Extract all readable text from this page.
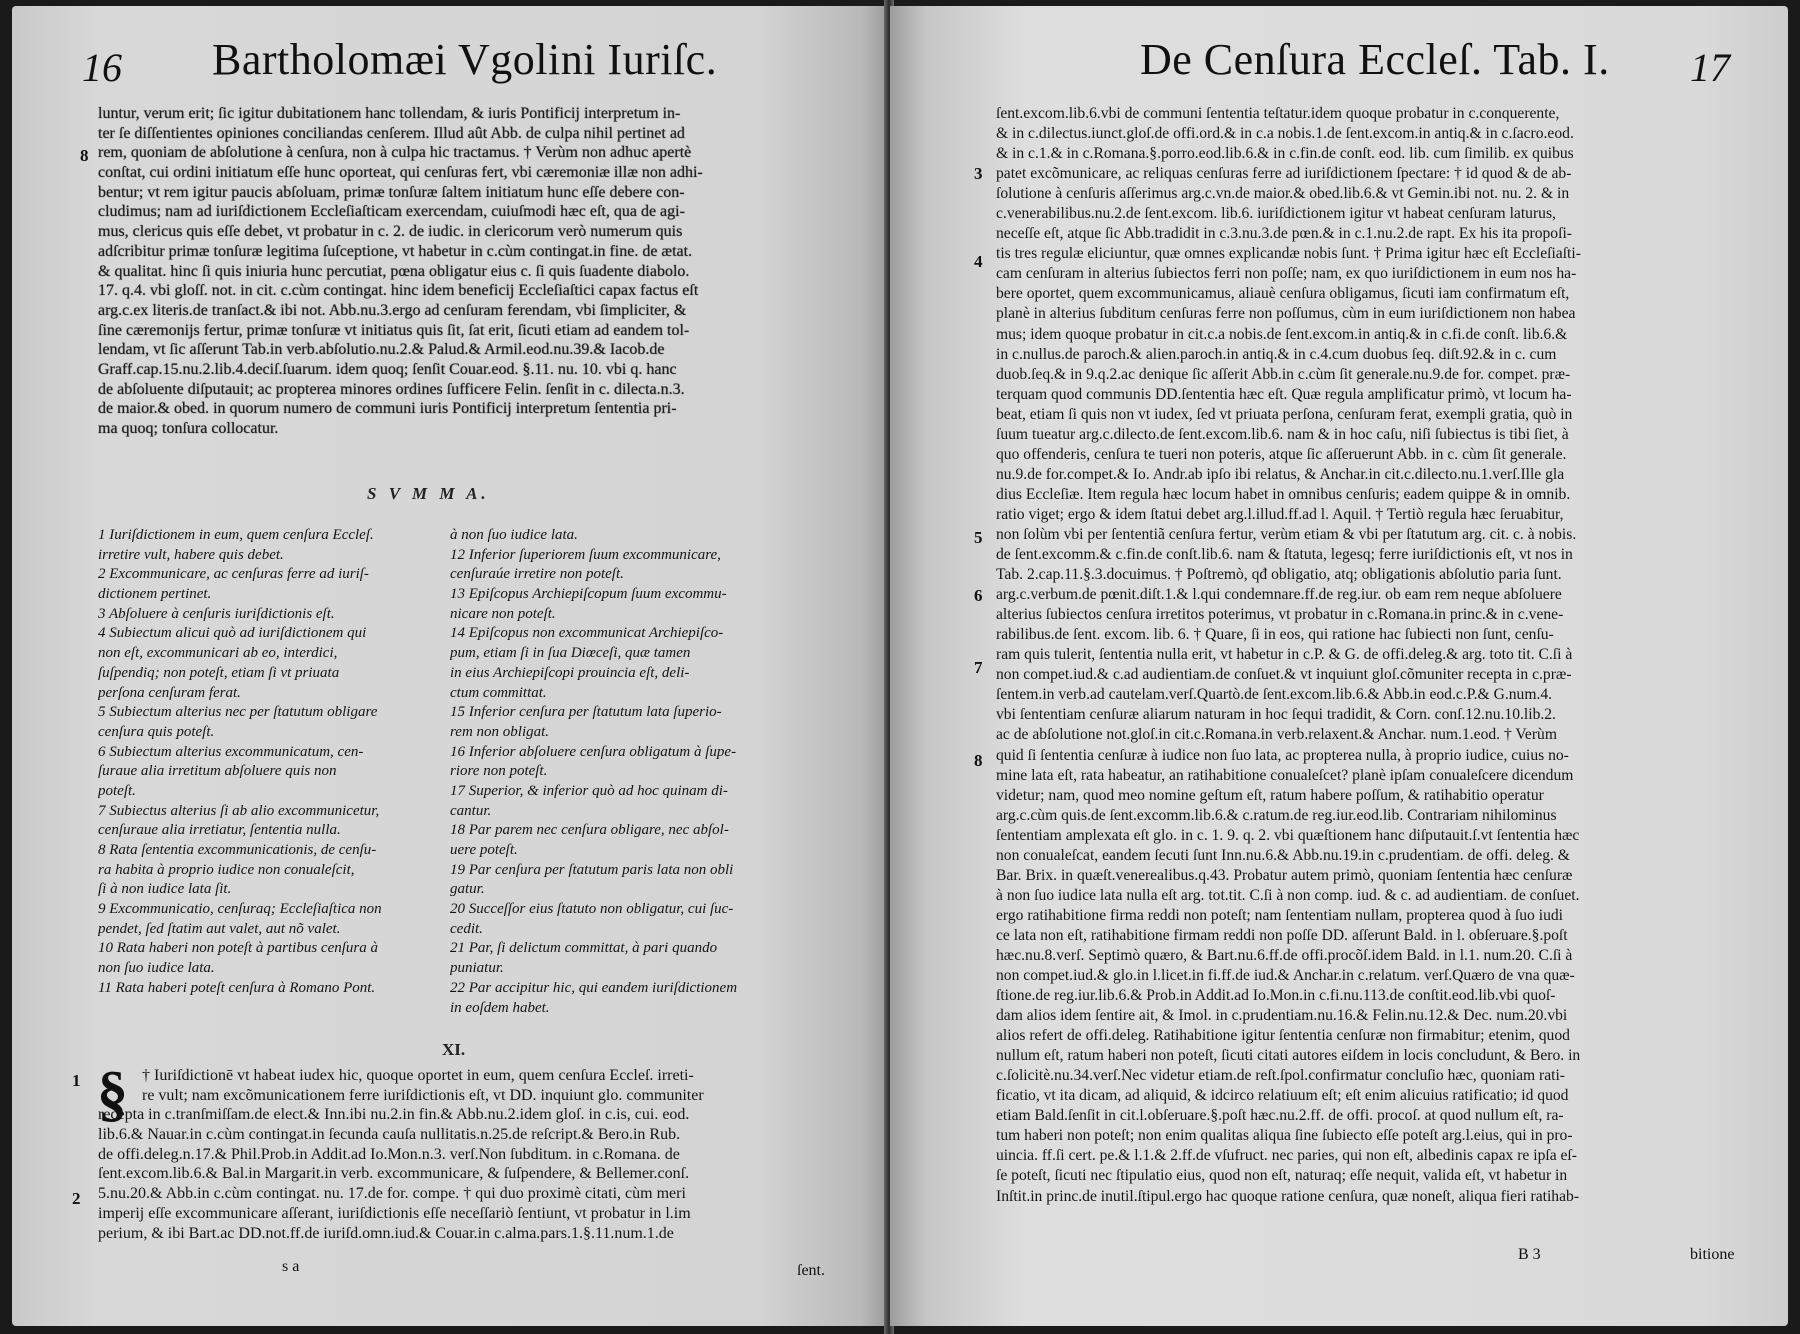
16 Bartholomæi Vgolini Iuriſc.
8
luntur, verum erit; ſic igitur dubitationem hanc tollendam, & iuris Pontificij interpretum in-
ter ſe diſſentientes opiniones conciliandas cenſerem. Illud aût Abb. de culpa nihil pertinet ad
rem, quoniam de abſolutione à cenſura, non à culpa hic tractamus. † Verùm non adhuc apertè
conſtat, cui ordini initiatum eſſe hunc oporteat, qui cenſuras fert, vbi cæremoniæ illæ non adhi-
bentur; vt rem igitur paucis abſoluam, primæ tonſuræ ſaltem initiatum hunc eſſe debere con-
cludimus; nam ad iuriſdictionem Eccleſiaſticam exercendam, cuiuſmodi hæc eſt, qua de agi-
mus, clericus quis eſſe debet, vt probatur in c. 2. de iudic. in clericorum verò numerum quis
adſcribitur primæ tonſuræ legitima ſuſceptione, vt habetur in c.cùm contingat.in fine. de ætat.
& qualitat. hinc ſi quis iniuria hunc percutiat, pœna obligatur eius c. ſi quis ſuadente diabolo.
17. q.4. vbi gloſſ. not. in cit. c.cùm contingat. hinc idem beneficij Eccleſiaſtici capax factus eſt
arg.c.ex literis.de tranſact.& ibi not. Abb.nu.3.ergo ad cenſuram ferendam, vbi ſimpliciter, &
ſine cæremonijs fertur, primæ tonſuræ vt initiatus quis ſit, ſat erit, ſicuti etiam ad eandem tol-
lendam, vt ſic aſſerunt Tab.in verb.abſolutio.nu.2.& Palud.& Armil.eod.nu.39.& Iacob.de
Graff.cap.15.nu.2.lib.4.deciſ.ſuarum. idem quoq; ſenſit Couar.eod. §.11. nu. 10. vbi q. hanc
de abſoluente diſputauit; ac propterea minores ordines ſufficere Felin. ſenſit in c. dilecta.n.3.
de maior.& obed. in quorum numero de communi iuris Pontificij interpretum ſententia pri-
ma quoq; tonſura collocatur.
S V M M A.
1 Iuriſdictionem in eum, quem cenſura Eccleſ.
irretire vult, habere quis debet.
2 Excommunicare, ac cenſuras ferre ad iuriſ-
dictionem pertinet.
3 Abſoluere à cenſuris iuriſdictionis eſt.
4 Subiectum alicui quò ad iuriſdictionem qui
non eſt, excommunicari ab eo, interdici,
ſuſpendiq; non poteſt, etiam ſi vt priuata
perſona cenſuram ferat.
5 Subiectum alterius nec per ſtatutum obligare
cenſura quis poteſt.
6 Subiectum alterius excommunicatum, cen-
ſuraue alia irretitum abſoluere quis non
poteſt.
7 Subiectus alterius ſi ab alio excommunicetur,
cenſuraue alia irretiatur, ſententia nulla.
8 Rata ſententia excommunicationis, de cenſu-
ra habita à proprio iudice non conualeſcit,
ſi à non iudice lata ſit.
9 Excommunicatio, cenſuraq; Eccleſiaſtica non
pendet, ſed ſtatim aut valet, aut nõ valet.
10 Rata haberi non poteſt à partibus cenſura à
non ſuo iudice lata.
11 Rata haberi poteſt cenſura à Romano Pont.
à non ſuo iudice lata.
12 Inferior ſuperiorem ſuum excommunicare,
cenſuraúe irretire non poteſt.
13 Epiſcopus Archiepiſcopum ſuum excommu-
nicare non poteſt.
14 Epiſcopus non excommunicat Archiepiſco-
pum, etiam ſi in ſua Diœceſi, quæ tamen
in eius Archiepiſcopi prouincia eſt, deli-
ctum committat.
15 Inferior cenſura per ſtatutum lata ſuperio-
rem non obligat.
16 Inferior abſoluere cenſura obligatum à ſupe-
riore non poteſt.
17 Superior, & inferior quò ad hoc quinam di-
cantur.
18 Par parem nec cenſura obligare, nec abſol-
uere poteſt.
19 Par cenſura per ſtatutum paris lata non obli
gatur.
20 Succeſſor eius ſtatuto non obligatur, cui ſuc-
cedit.
21 Par, ſi delictum committat, à pari quando
puniatur.
22 Par accipitur hic, qui eandem iuriſdictionem
in eoſdem habet.
XI.
§
1
2
† Iuriſdictionē vt habeat iudex hic, quoque oportet in eum, quem cenſura Eccleſ. irreti-
re vult; nam excõmunicationem ferre iuriſdictionis eſt, vt DD. inquiunt glo. communiter
recepta in c.tranſmiſſam.de elect.& Inn.ibi nu.2.in fin.& Abb.nu.2.idem gloſ. in c.is, cui. eod.
lib.6.& Nauar.in c.cùm contingat.in ſecunda cauſa nullitatis.n.25.de reſcript.& Bero.in Rub.
de offi.deleg.n.17.& Phil.Prob.in Addit.ad Io.Mon.n.3. verſ.Non ſubditum. in c.Romana. de
ſent.excom.lib.6.& Bal.in Margarit.in verb. excommunicare, & ſuſpendere, & Bellemer.conſ.
5.nu.20.& Abb.in c.cùm contingat. nu. 17.de for. compe. † qui duo proximè citati, cùm meri
imperij eſſe excommunicare aſſerant, iuriſdictionis eſſe neceſſariò ſentiunt, vt probatur in l.im
perium, & ibi Bart.ac DD.not.ff.de iuriſd.omn.iud.& Couar.in c.alma.pars.1.§.11.num.1.de
s a	ſent.
De Cenſura Eccleſ. Tab. I. 17
3
4
5
6
7
8
ſent.excom.lib.6.vbi de communi ſententia teſtatur.idem quoque probatur in c.conquerente,
& in c.dilectus.iunct.gloſ.de offi.ord.& in c.a nobis.1.de ſent.excom.in antiq.& in c.ſacro.eod.
& in c.1.& in c.Romana.§.porro.eod.lib.6.& in c.fin.de conſt. eod. lib. cum ſimilib. ex quibus
patet excõmunicare, ac reliquas cenſuras ferre ad iuriſdictionem ſpectare: † id quod & de ab-
ſolutione à cenſuris aſſerimus arg.c.vn.de maior.& obed.lib.6.& vt Gemin.ibi not. nu. 2. & in
c.venerabilibus.nu.2.de ſent.excom. lib.6. iuriſdictionem igitur vt habeat cenſuram laturus,
neceſſe eſt, atque ſic Abb.tradidit in c.3.nu.3.de pœn.& in c.1.nu.2.de rapt. Ex his ita propoſi-
tis tres regulæ eliciuntur, quæ omnes explicandæ nobis ſunt. † Prima igitur hæc eſt Eccleſiaſti-
cam cenſuram in alterius ſubiectos ferri non poſſe; nam, ex quo iuriſdictionem in eum nos ha-
bere oportet, quem excommunicamus, aliauè cenſura obligamus, ſicuti iam confirmatum eſt,
planè in alterius ſubditum cenſuras ferre non poſſumus, cùm in eum iuriſdictionem non habea
mus; idem quoque probatur in cit.c.a nobis.de ſent.excom.in antiq.& in c.fi.de conſt. lib.6.&
in c.nullus.de paroch.& alien.paroch.in antiq.& in c.4.cum duobus ſeq. diſt.92.& in c. cum
duob.ſeq.& in 9.q.2.ac denique ſic aſſerit Abb.in c.cùm ſit generale.nu.9.de for. compet. præ-
terquam quod communis DD.ſententia hæc eſt. Quæ regula amplificatur primò, vt locum ha-
beat, etiam ſi quis non vt iudex, ſed vt priuata perſona, cenſuram ferat, exempli gratia, quò in
ſuum tueatur arg.c.dilecto.de ſent.excom.lib.6. nam & in hoc caſu, niſi ſubiectus is tibi ſiet, à
quo offenderis, cenſura te tueri non poteris, atque ſic aſſeruerunt Abb. in c. cùm ſit generale.
nu.9.de for.compet.& Io. Andr.ab ipſo ibi relatus, & Anchar.in cit.c.dilecto.nu.1.verſ.Ille gla
dius Eccleſiæ. Item regula hæc locum habet in omnibus cenſuris; eadem quippe & in omnib.
ratio viget; ergo & idem ſtatui debet arg.l.illud.ff.ad l. Aquil. † Tertiò regula hæc ſeruabitur,
non ſolùm vbi per ſententiã cenſura fertur, verùm etiam & vbi per ſtatutum arg. cit. c. à nobis.
de ſent.excomm.& c.fin.de conſt.lib.6. nam & ſtatuta, legesq; ferre iuriſdictionis eſt, vt nos in
Tab. 2.cap.11.§.3.docuimus. † Poſtremò, qđ obligatio, atq; obligationis abſolutio paria ſunt.
arg.c.verbum.de pœnit.diſt.1.& l.qui condemnare.ff.de reg.iur. ob eam rem neque abſoluere
alterius ſubiectos cenſura irretitos poterimus, vt probatur in c.Romana.in princ.& in c.vene-
rabilibus.de ſent. excom. lib. 6. † Quare, ſi in eos, qui ratione hac ſubiecti non ſunt, cenſu-
ram quis tulerit, ſententia nulla erit, vt habetur in c.P. & G. de offi.deleg.& arg. toto tit. C.ſi à
non compet.iud.& c.ad audientiam.de conſuet.& vt inquiunt gloſ.cõmuniter recepta in c.præ-
ſentem.in verb.ad cautelam.verſ.Quartò.de ſent.excom.lib.6.& Abb.in eod.c.P.& G.num.4.
vbi ſententiam cenſuræ aliarum naturam in hoc ſequi tradidit, & Corn. conſ.12.nu.10.lib.2.
ac de abſolutione not.gloſ.in cit.c.Romana.in verb.relaxent.& Anchar. num.1.eod. † Verùm
quid ſi ſententia cenſuræ à iudice non ſuo lata, ac propterea nulla, à proprio iudice, cuius no-
mine lata eſt, rata habeatur, an ratihabitione conualeſcet? planè ipſam conualeſcere dicendum
videtur; nam, quod meo nomine geſtum eſt, ratum habere poſſum, & ratihabitio operatur
arg.c.cùm quis.de ſent.excomm.lib.6.& c.ratum.de reg.iur.eod.lib. Contrariam nihilominus
ſententiam amplexata eſt glo. in c. 1. 9. q. 2. vbi quæſtionem hanc diſputauit.ſ.vt ſententia hæc
non conualeſcat, eandem ſecuti ſunt Inn.nu.6.& Abb.nu.19.in c.prudentiam. de offi. deleg. &
Bar. Brix. in quæſt.venerealibus.q.43. Probatur autem primò, quoniam ſententia hæc cenſuræ
à non ſuo iudice lata nulla eſt arg. tot.tit. C.ſi à non comp. iud. & c. ad audientiam. de conſuet.
ergo ratihabitione firma reddi non poteſt; nam ſententiam nullam, propterea quod à ſuo iudi
ce lata non eſt, ratihabitione firmam reddi non poſſe DD. aſſerunt Bald. in l. obſeruare.§.poſt
hæc.nu.8.verſ. Septimò quæro, & Bart.nu.6.ff.de offi.procõſ.idem Bald. in l.1. num.20. C.ſi à
non compet.iud.& glo.in l.licet.in fi.ff.de iud.& Anchar.in c.relatum. verſ.Quæro de vna quæ-
ſtione.de reg.iur.lib.6.& Prob.in Addit.ad Io.Mon.in c.fi.nu.113.de conſtit.eod.lib.vbi quoſ-
dam alios idem ſentire ait, & Imol. in c.prudentiam.nu.16.& Felin.nu.12.& Dec. num.20.vbi
alios refert de offi.deleg. Ratihabitione igitur ſententia cenſuræ non firmabitur; etenim, quod
nullum eſt, ratum haberi non poteſt, ſicuti citati autores eiſdem in locis concludunt, & Bero. in
c.ſolicitè.nu.34.verſ.Nec videtur etiam.de reſt.ſpol.confirmatur concluſio hæc, quoniam rati-
ficatio, vt ita dicam, ad aliquid, & idcirco relatiuum eſt; eſt enim alicuius ratificatio; id quod
etiam Bald.ſenſit in cit.l.obſeruare.§.poſt hæc.nu.2.ff. de offi. procoſ. at quod nullum eſt, ra-
tum haberi non poteſt; non enim qualitas aliqua ſine ſubiecto eſſe poteſt arg.l.eius, qui in pro-
uincia. ff.ſi cert. pe.& l.1.& 2.ff.de vſufruct. nec paries, qui non eſt, albedinis capax re ipſa eſ-
ſe poteſt, ſicuti nec ſtipulatio eius, quod non eſt, naturaq; eſſe nequit, valida eſt, vt habetur in
Inſtit.in princ.de inutil.ſtipul.ergo hac quoque ratione cenſura, quæ noneſt, aliqua fieri ratihab-
B 3	bitione
